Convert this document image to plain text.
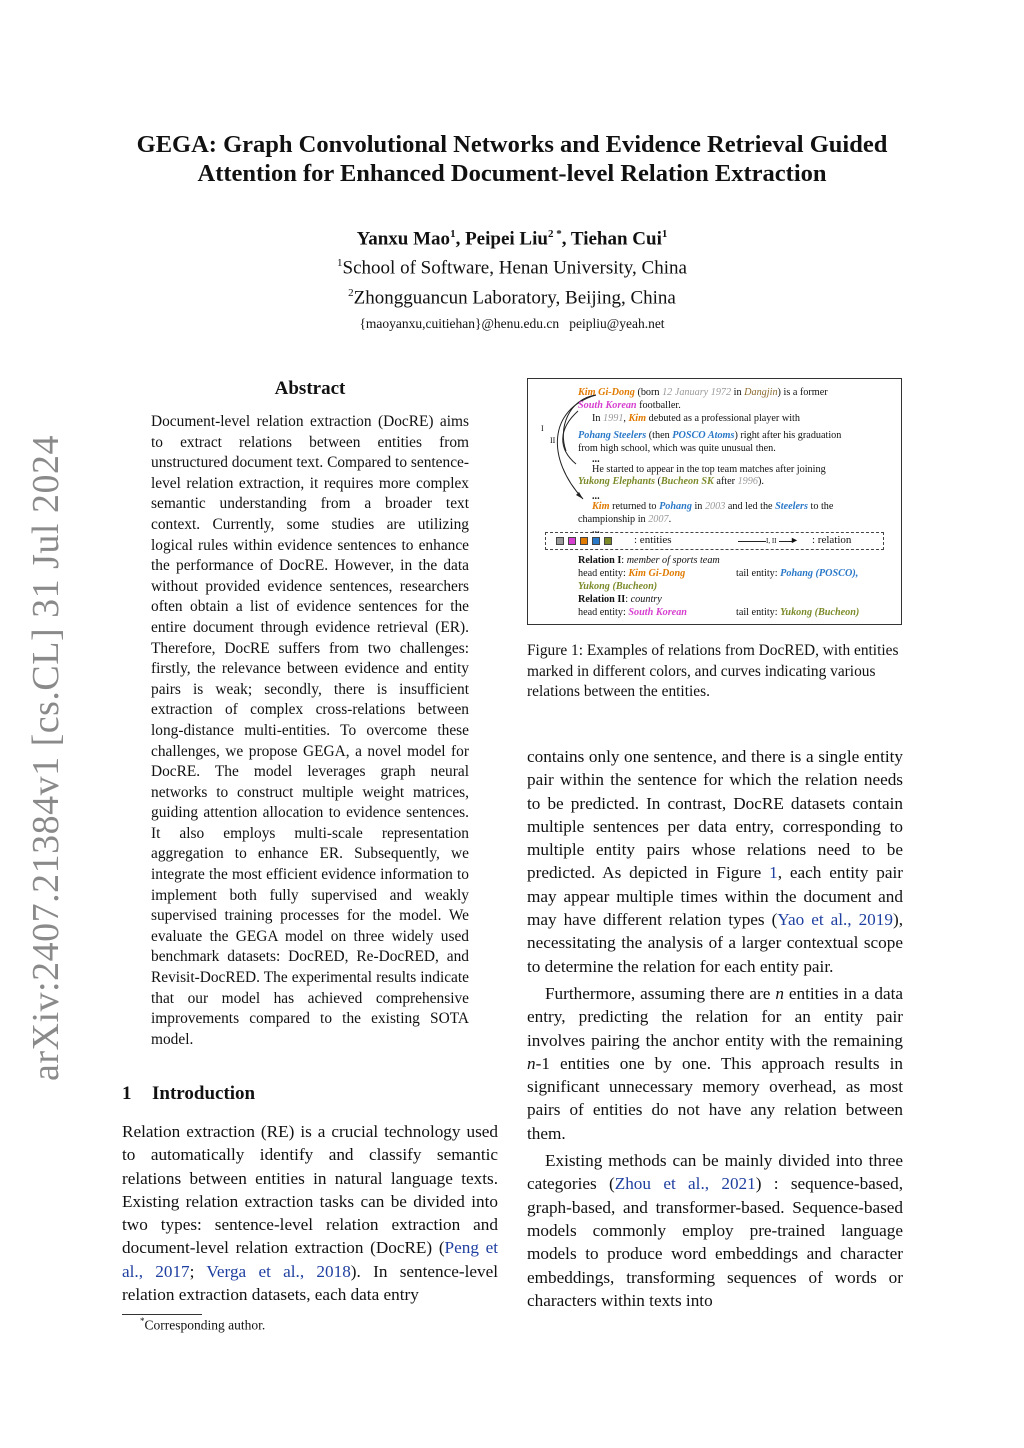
arXiv:2407.21384v1 [cs.CL] 31 Jul 2024
GEGA: Graph Convolutional Networks and Evidence Retrieval Guided
Attention for Enhanced Document-level Relation Extraction
Yanxu Mao$^1$, Peipei Liu$^{2 *}$, Tiehan Cui$^1$
$^1$School of Software, Henan University, China
$^2$Zhongguancun Laboratory, Beijing, China
{maoyanxu,cuitiehan}@henu.edu.cn peipliu@yeah.net
Abstract
Document-level relation extraction (DocRE) aims to extract relations between entities from unstructured document text. Compared to sentence-level relation extraction, it requires more complex semantic understanding from a broader text context. Currently, some studies are utilizing logical rules within evidence sentences to enhance the performance of DocRE. However, in the data without provided evidence sentences, researchers often obtain a list of evidence sentences for the entire document through evidence retrieval (ER). Therefore, DocRE suffers from two challenges: firstly, the relevance between evidence and entity pairs is weak; secondly, there is insufficient extraction of complex cross-relations between long-distance multi-entities. To overcome these challenges, we propose GEGA, a novel model for DocRE. The model leverages graph neural networks to construct multiple weight matrices, guiding attention allocation to evidence sentences. It also employs multi-scale representation aggregation to enhance ER. Subsequently, we integrate the most efficient evidence information to implement both fully supervised and weakly supervised training processes for the model. We evaluate the GEGA model on three widely used benchmark datasets: DocRED, Re-DocRED, and Revisit-DocRED. The experimental results indicate that our model has achieved comprehensive improvements compared to the existing SOTA model.
1 Introduction
Relation extraction (RE) is a crucial technology used to automatically identify and classify semantic relations between entities in natural language texts. Existing relation extraction tasks can be divided into two types: sentence-level relation extraction and document-level relation extraction (DocRE) (Peng et al., 2017; Verga et al., 2018). In sentence-level relation extraction datasets, each data entry
*Corresponding author.
I
II
Kim Gi-Dong (born 12 January 1972 in Dangjin) is a former
South Korean footballer.
In 1991, Kim debuted as a professional player with
Pohang Steelers (then POSCO Atoms) right after his graduation
from high school, which was quite unusual then.
...
He started to appear in the top team matches after joining
Yukong Elephants (Bucheon SK after 1996).
...
Kim returned to Pohang in 2003 and led the Steelers to the
championship in 2007.
...
: entities	I, II ► : relation
Relation I: member of sports team
head entity: Kim Gi-Dong	tail entity: Pohang (POSCO),
Yukong (Bucheon)
Relation II: country
head entity: South Korean	tail entity: Yukong (Bucheon)
Figure 1: Examples of relations from DocRED, with entities marked in different colors, and curves indicating various relations between the entities.

contains only one sentence, and there is a single entity pair within the sentence for which the relation needs to be predicted. In contrast, DocRE datasets contain multiple sentences per data entry, corresponding to multiple entity pairs whose relations need to be predicted. As depicted in Figure 1, each entity pair may appear multiple times within the document and may have different relation types (Yao et al., 2019), necessitating the analysis of a larger contextual scope to determine the relation for each entity pair.

Furthermore, assuming there are n entities in a data entry, predicting the relation for an entity pair involves pairing the anchor entity with the remaining n-1 entities one by one. This approach results in significant unnecessary memory overhead, as most pairs of entities do not have any relation between them.

Existing methods can be mainly divided into three categories (Zhou et al., 2021) : sequence-based, graph-based, and transformer-based. Sequence-based models commonly employ pre-trained language models to produce word embeddings and character embeddings, transforming sequences of words or characters within texts into
